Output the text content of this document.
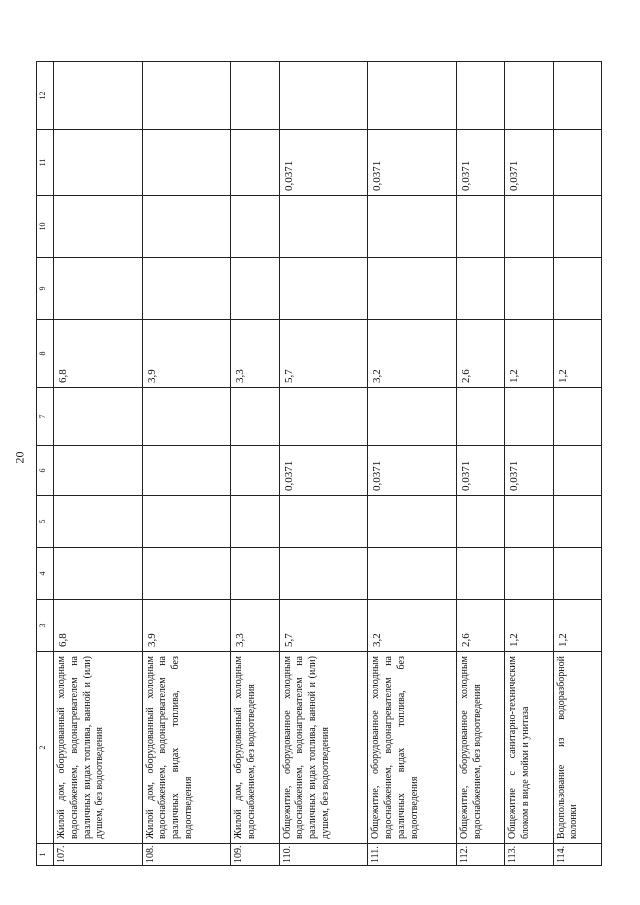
20
1	2	3	4	5	6	7	8	9	10	11	12
107.	Жилой дом, оборудованный холодным водоснабжением, водонагревателем на различных видах топлива, ванной и (или) душем, без водоотведения	6,8					6,8				
108.	Жилой дом, оборудованный холодным водоснабжением, водонагревателем на различных видах топлива, без водоотведения	3,9					3,9				
109.	Жилой дом, оборудованный холодным водоснабжением, без водоотведения	3,3					3,3				
110.	Общежитие, оборудованное холодным водоснабжением, водонагревателем на различных видах топлива, ванной и (или) душем, без водоотведения	5,7			0,0371		5,7			0,0371	
111.	Общежитие, оборудованное холодным водоснабжением, водонагревателем на различных видах топлива, без водоотведения	3,2			0,0371		3,2			0,0371	
112.	Общежитие, оборудованное холодным водоснабжением, без водоотведения	2,6			0,0371		2,6			0,0371	
113.	Общежитие с санитарно-техническим блоком в виде мойки и унитаза	1,2			0,0371		1,2			0,0371	
114.	Водопользование из водоразборной колонки	1,2					1,2				
